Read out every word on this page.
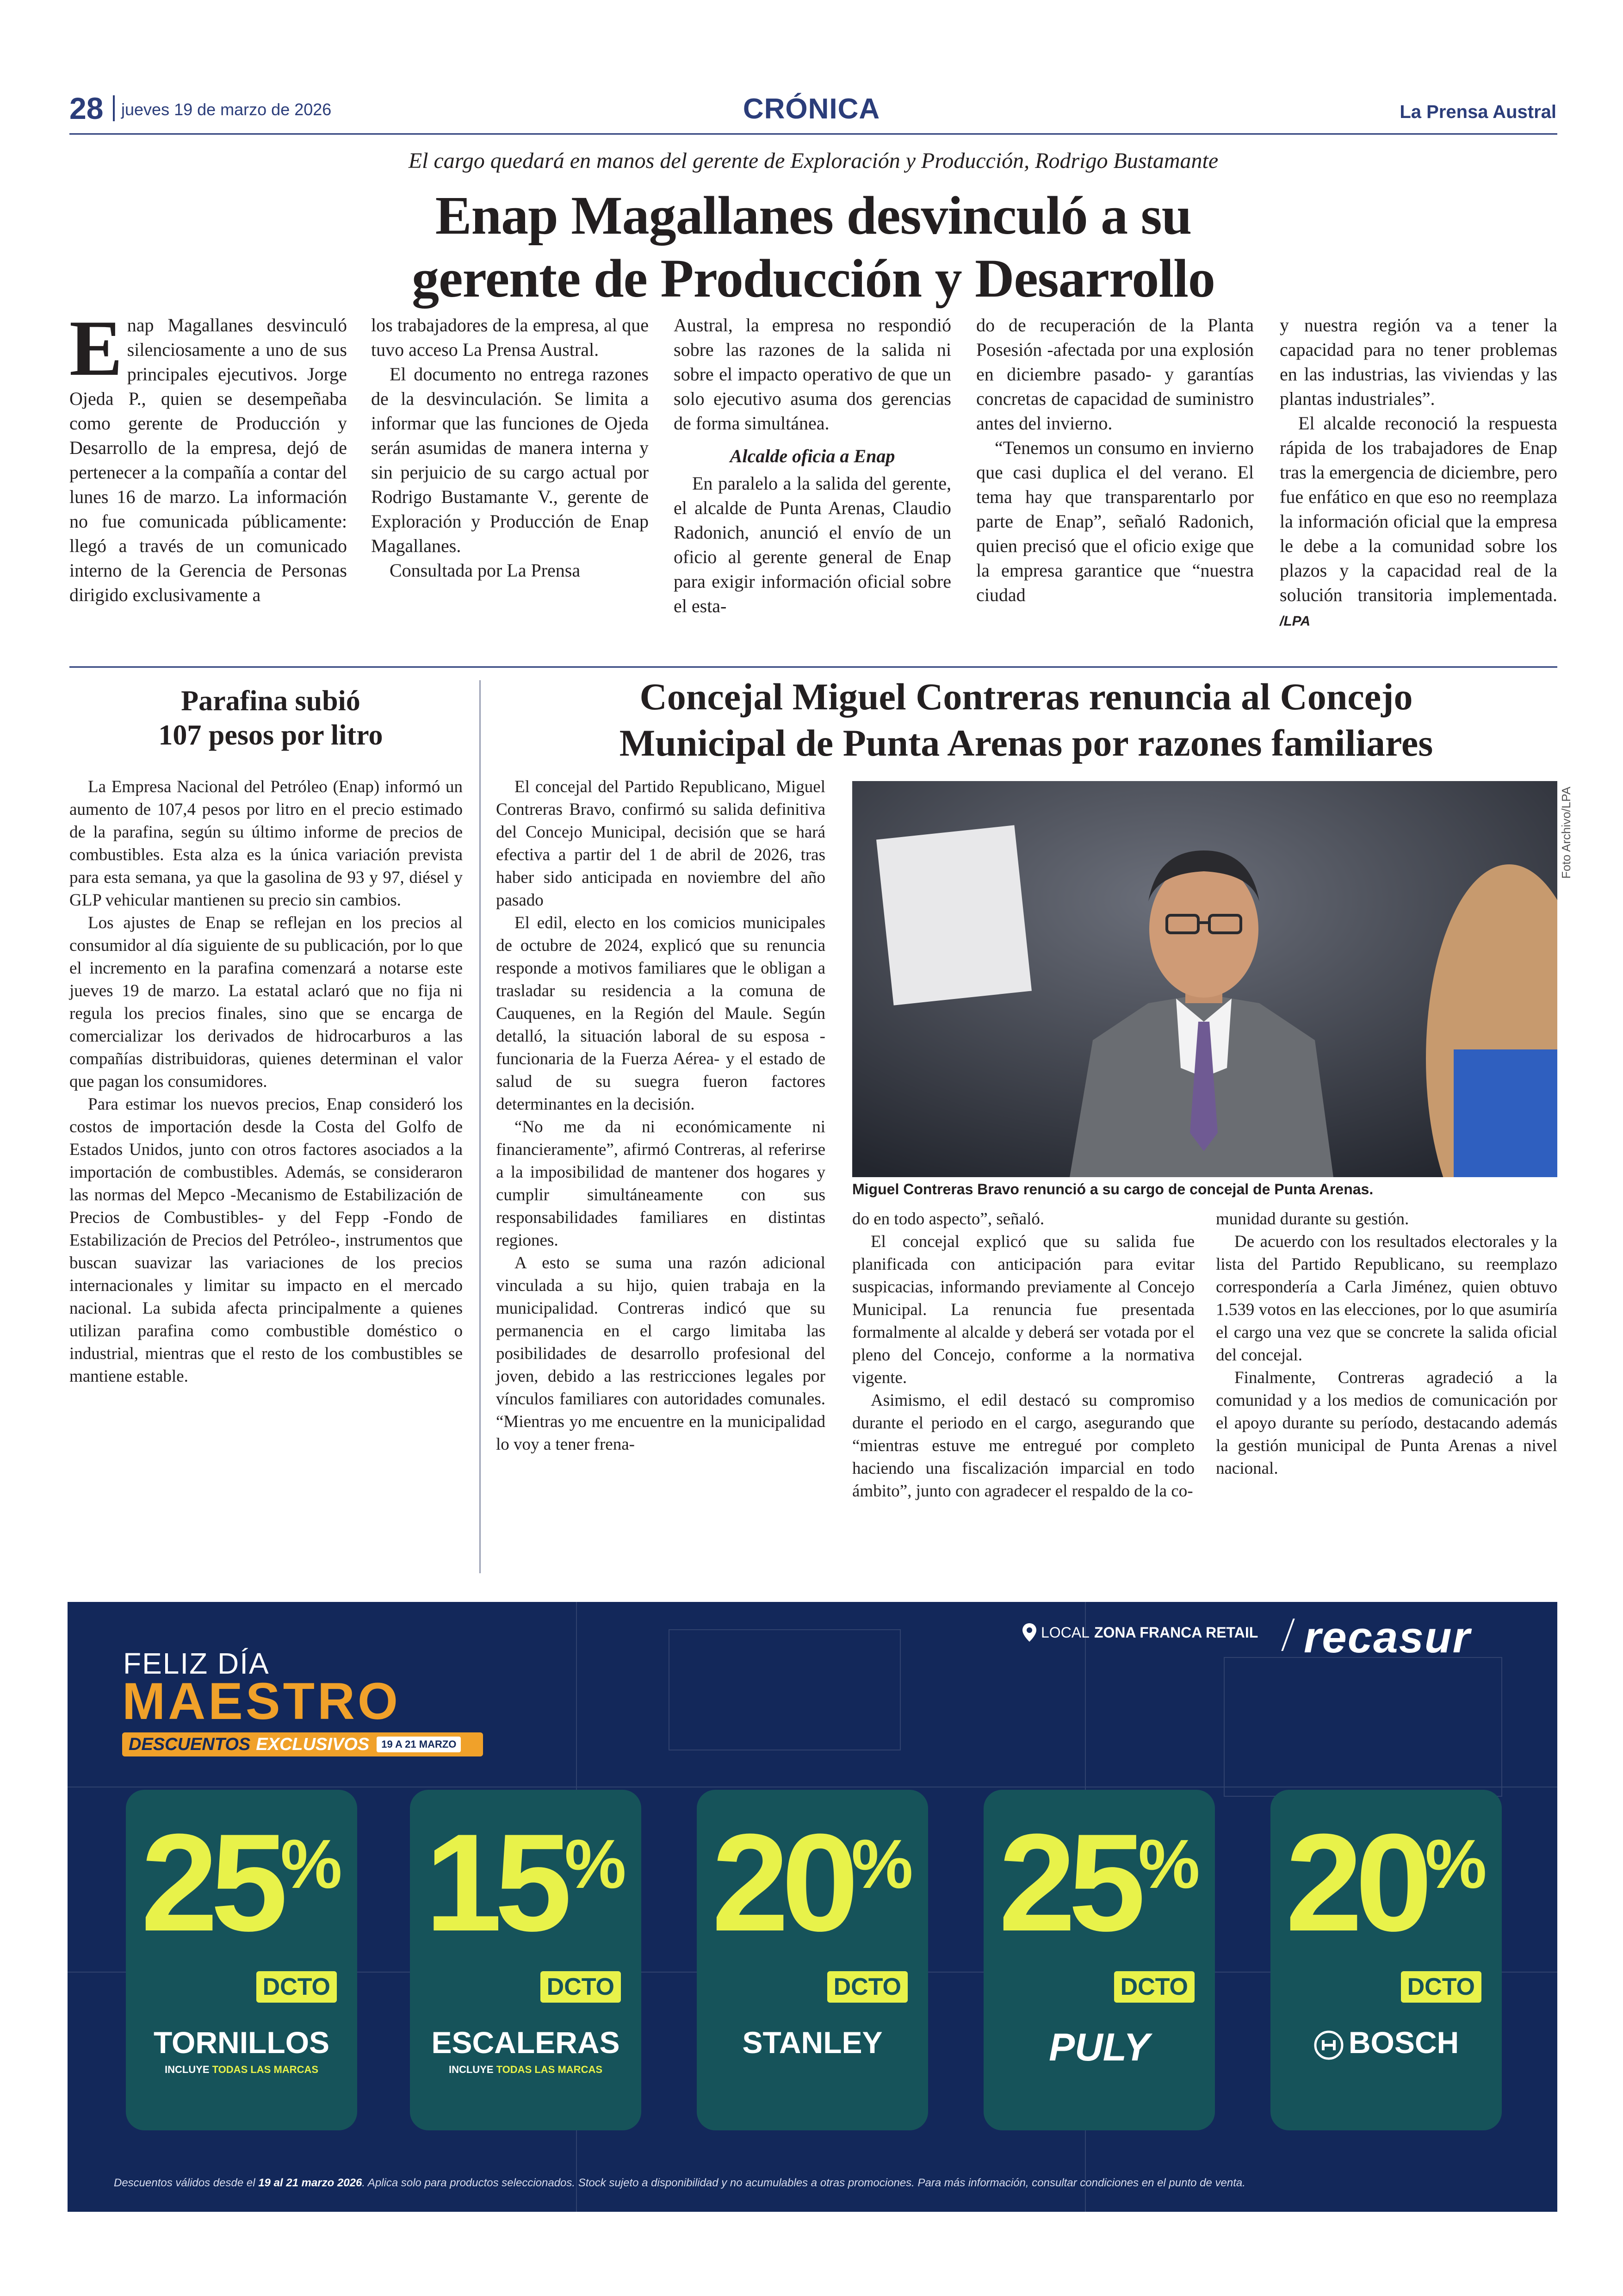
28 jueves 19 de marzo de 2026	CRÓNICA	La Prensa Austral
El cargo quedará en manos del gerente de Exploración y Producción, Rodrigo Bustamante
Enap Magallanes desvinculó a su
gerente de Producción y Desarrollo

Enap Magallanes desvinculó silenciosamente a uno de sus principales ejecutivos. Jorge Ojeda P., quien se desempeñaba como gerente de Producción y Desarrollo de la empresa, dejó de pertenecer a la compañía a contar del lunes 16 de marzo. La información no fue comunicada públicamente: llegó a través de un comunicado interno de la Gerencia de Personas dirigido exclusivamente a

los trabajadores de la empresa, al que tuvo acceso La Prensa Austral.

El documento no entrega razones de la desvinculación. Se limita a informar que las funciones de Ojeda serán asumidas de manera interna y sin perjuicio de su cargo actual por Rodrigo Bustamante V., gerente de Exploración y Producción de Enap Magallanes.

Consultada por La Prensa

Austral, la empresa no respondió sobre las razones de la salida ni sobre el impacto operativo de que un solo ejecutivo asuma dos gerencias de forma simultánea.

Alcalde oficia a Enap

En paralelo a la salida del gerente, el alcalde de Punta Arenas, Claudio Radonich, anunció el envío de un oficio al gerente general de Enap para exigir información oficial sobre el esta-

do de recuperación de la Planta Posesión -afectada por una explosión en diciembre pasado- y garantías concretas de capacidad de suministro antes del invierno.

“Tenemos un consumo en invierno que casi duplica el del verano. El tema hay que transparentarlo por parte de Enap”, señaló Radonich, quien precisó que el oficio exige que la empresa garantice que “nuestra ciudad

y nuestra región va a tener la capacidad para no tener problemas en las industrias, las viviendas y las plantas industriales”.

El alcalde reconoció la respuesta rápida de los trabajadores de Enap tras la emergencia de diciembre, pero fue enfático en que eso no reemplaza la información oficial que la empresa le debe a la comunidad sobre los plazos y la capacidad real de la solución transitoria implementada. /LPA

Parafina subió
107 pesos por litro

La Empresa Nacional del Petróleo (Enap) informó un aumento de 107,4 pesos por litro en el precio estimado de la parafina, según su último informe de precios de combustibles. Esta alza es la única variación prevista para esta semana, ya que la gasolina de 93 y 97, diésel y GLP vehicular mantienen su precio sin cambios.

Los ajustes de Enap se reflejan en los precios al consumidor al día siguiente de su publicación, por lo que el incremento en la parafina comenzará a notarse este jueves 19 de marzo. La estatal aclaró que no fija ni regula los precios finales, sino que se encarga de comercializar los derivados de hidrocarburos a las compañías distribuidoras, quienes determinan el valor que pagan los consumidores.

Para estimar los nuevos precios, Enap consideró los costos de importación desde la Costa del Golfo de Estados Unidos, junto con otros factores asociados a la importación de combustibles. Además, se consideraron las normas del Mepco -Mecanismo de Estabilización de Precios de Combustibles- y del Fepp -Fondo de Estabilización de Precios del Petróleo-, instrumentos que buscan suavizar las variaciones de los precios internacionales y limitar su impacto en el mercado nacional. La subida afecta principalmente a quienes utilizan parafina como combustible doméstico o industrial, mientras que el resto de los combustibles se mantiene estable.

Concejal Miguel Contreras renuncia al Concejo
Municipal de Punta Arenas por razones familiares

El concejal del Partido Republicano, Miguel Contreras Bravo, confirmó su salida definitiva del Concejo Municipal, decisión que se hará efectiva a partir del 1 de abril de 2026, tras haber sido anticipada en noviembre del año pasado

El edil, electo en los comicios municipales de octubre de 2024, explicó que su renuncia responde a motivos familiares que le obligan a trasladar su residencia a la comuna de Cauquenes, en la Región del Maule. Según detalló, la situación laboral de su esposa -funcionaria de la Fuerza Aérea- y el estado de salud de su suegra fueron factores determinantes en la decisión.

“No me da ni económicamente ni financieramente”, afirmó Contreras, al referirse a la imposibilidad de mantener dos hogares y cumplir simultáneamente con sus responsabilidades familiares en distintas regiones.

A esto se suma una razón adicional vinculada a su hijo, quien trabaja en la municipalidad. Contreras indicó que su permanencia en el cargo limitaba las posibilidades de desarrollo profesional del joven, debido a las restricciones legales por vínculos familiares con autoridades comunales. “Mientras yo me encuentre en la municipalidad lo voy a tener frena-

Foto Archivo/LPA
Miguel Contreras Bravo renunció a su cargo de concejal de Punta Arenas.

do en todo aspecto”, señaló.

El concejal explicó que su salida fue planificada con anticipación para evitar suspicacias, informando previamente al Concejo Municipal. La renuncia fue presentada formalmente al alcalde y deberá ser votada por el pleno del Concejo, conforme a la normativa vigente.

Asimismo, el edil destacó su compromiso durante el periodo en el cargo, asegurando que “mientras estuve me entregué por completo haciendo una fiscalización imparcial en todo ámbito”, junto con agradecer el respaldo de la co-

munidad durante su gestión.

De acuerdo con los resultados electorales y la lista del Partido Republicano, su reemplazo correspondería a Carla Jiménez, quien obtuvo 1.539 votos en las elecciones, por lo que asumiría el cargo una vez que se concrete la salida oficial del concejal.

Finalmente, Contreras agradeció a la comunidad y a los medios de comunicación por el apoyo durante su período, destacando además la gestión municipal de Punta Arenas a nivel nacional.

FELIZ DÍA
MAESTRO
DESCUENTOS EXCLUSIVOS	19 A 21 MARZO
LOCAL ZONA FRANCA RETAIL recasur
25%
DCTO
TORNILLOS
INCLUYE TODAS LAS MARCAS
15%
DCTO
ESCALERAS
INCLUYE TODAS LAS MARCAS
20%
DCTO
STANLEY
25%
DCTO
PULY
20%
DCTO
BOSCH
Descuentos válidos desde el 19 al 21 marzo 2026. Aplica solo para productos seleccionados. Stock sujeto a disponibilidad y no acumulables a otras promociones. Para más información, consultar condiciones en el punto de venta.
